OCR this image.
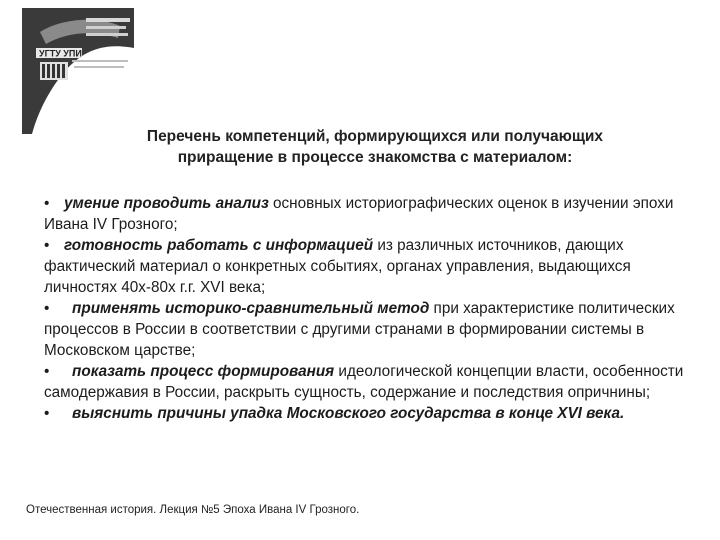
УГТУ УПИ
Перечень компетенций, формирующихся или получающих
приращение в процессе знакомства с материалом:

• умение проводить анализ основных историографических оценок в изучении эпохи Ивана IV Грозного;

• готовность работать с информацией из различных источников, дающих фактический материал о конкретных событиях, органах управления, выдающихся личностях 40х-80х г.г. XVI века;

• применять историко-сравнительный метод при характеристике политических процессов в России в соответствии с другими странами в формировании системы в Московском царстве;

• показать процесс формирования идеологической концепции власти, особенности самодержавия в России, раскрыть сущность, содержание и последствия опричнины;

• выяснить причины упадка Московского государства в конце XVI века.

Отечественная история. Лекция №5 Эпоха Ивана IV Грозного.
